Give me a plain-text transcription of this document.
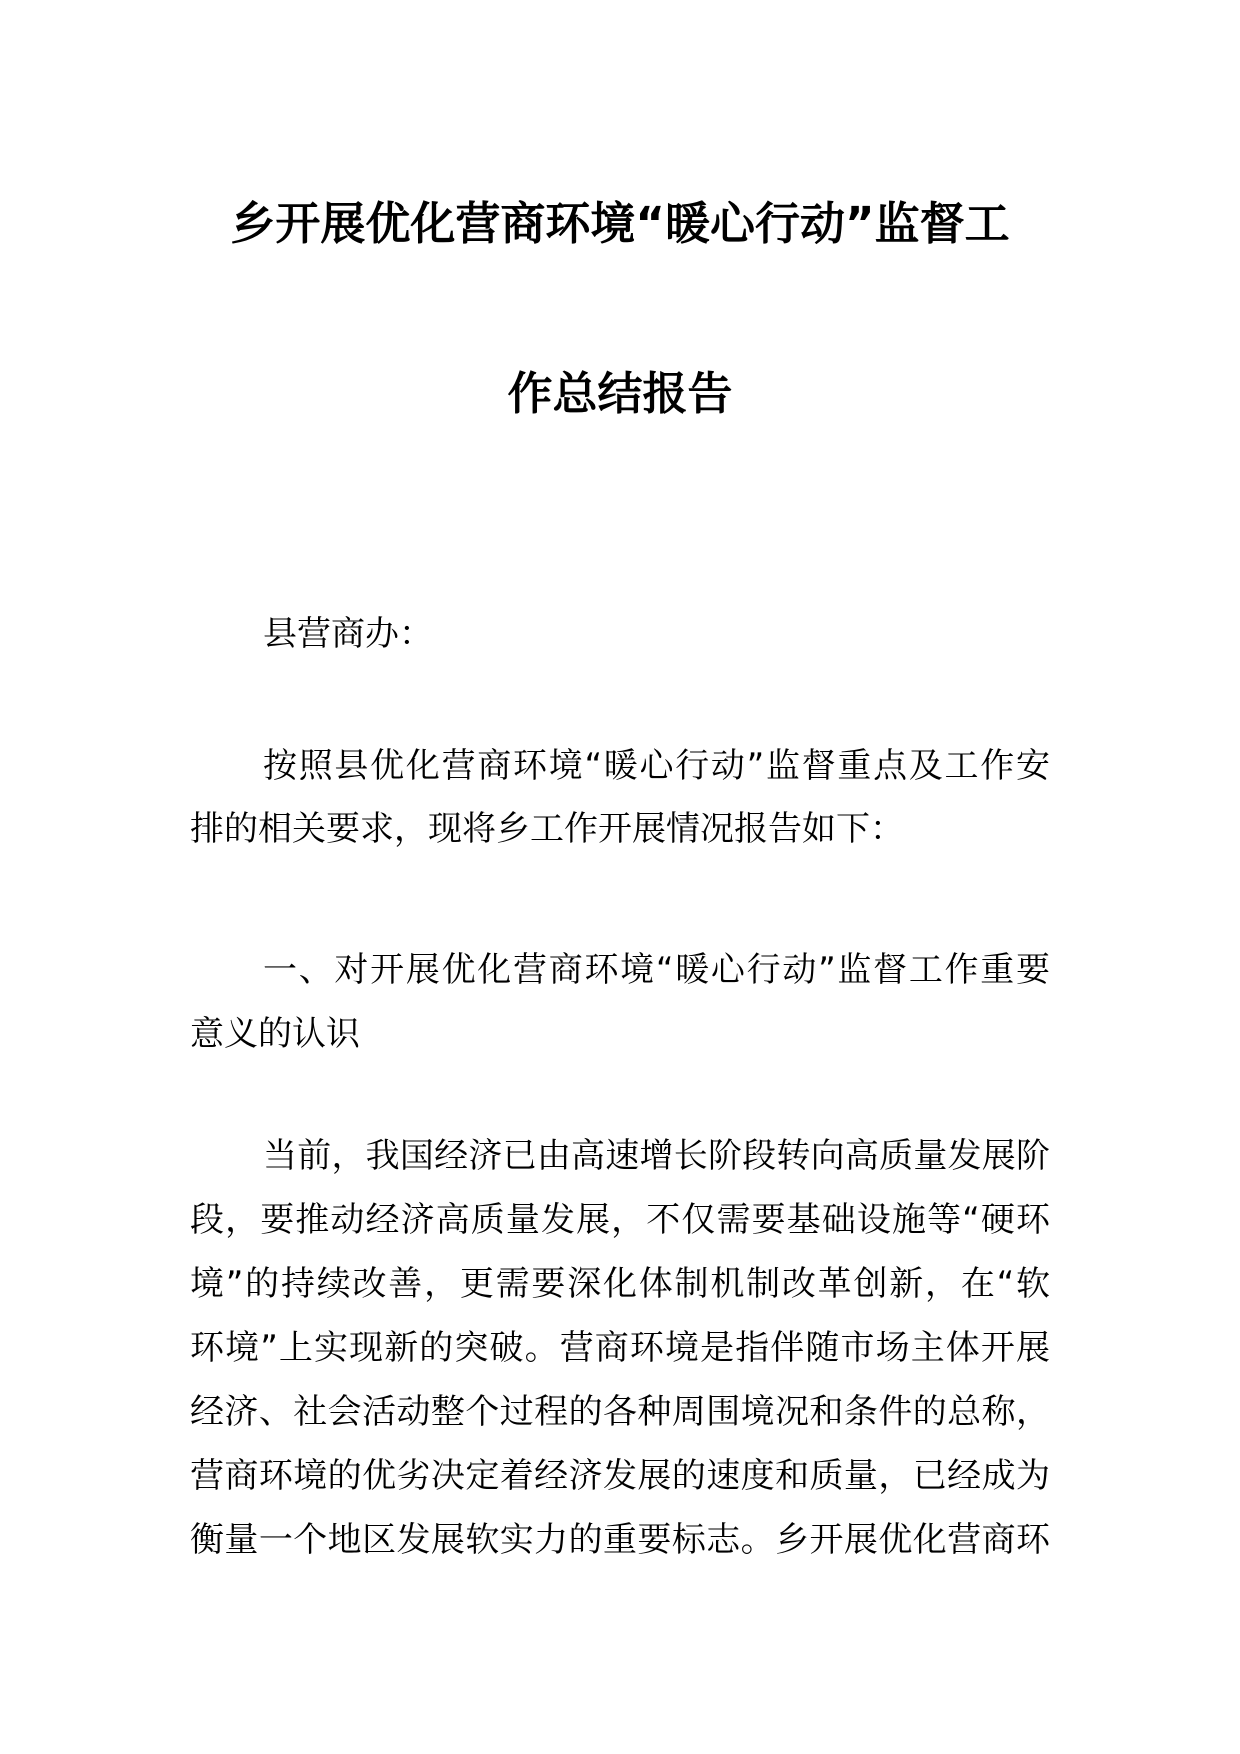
乡开展优化营商环境“暖心行动”监督工
作总结报告
县营商办：
按照县优化营商环境“暖心行动”监督重点及工作安
排的相关要求，现将乡工作开展情况报告如下：
一、对开展优化营商环境“暖心行动”监督工作重要
意义的认识
当前，我国经济已由高速增长阶段转向高质量发展阶
段，要推动经济高质量发展，不仅需要基础设施等“硬环
境”的持续改善，更需要深化体制机制改革创新，在“软
环境”上实现新的突破。营商环境是指伴随市场主体开展
经济、社会活动整个过程的各种周围境况和条件的总称，
营商环境的优劣决定着经济发展的速度和质量，已经成为
衡量一个地区发展软实力的重要标志。乡开展优化营商环
